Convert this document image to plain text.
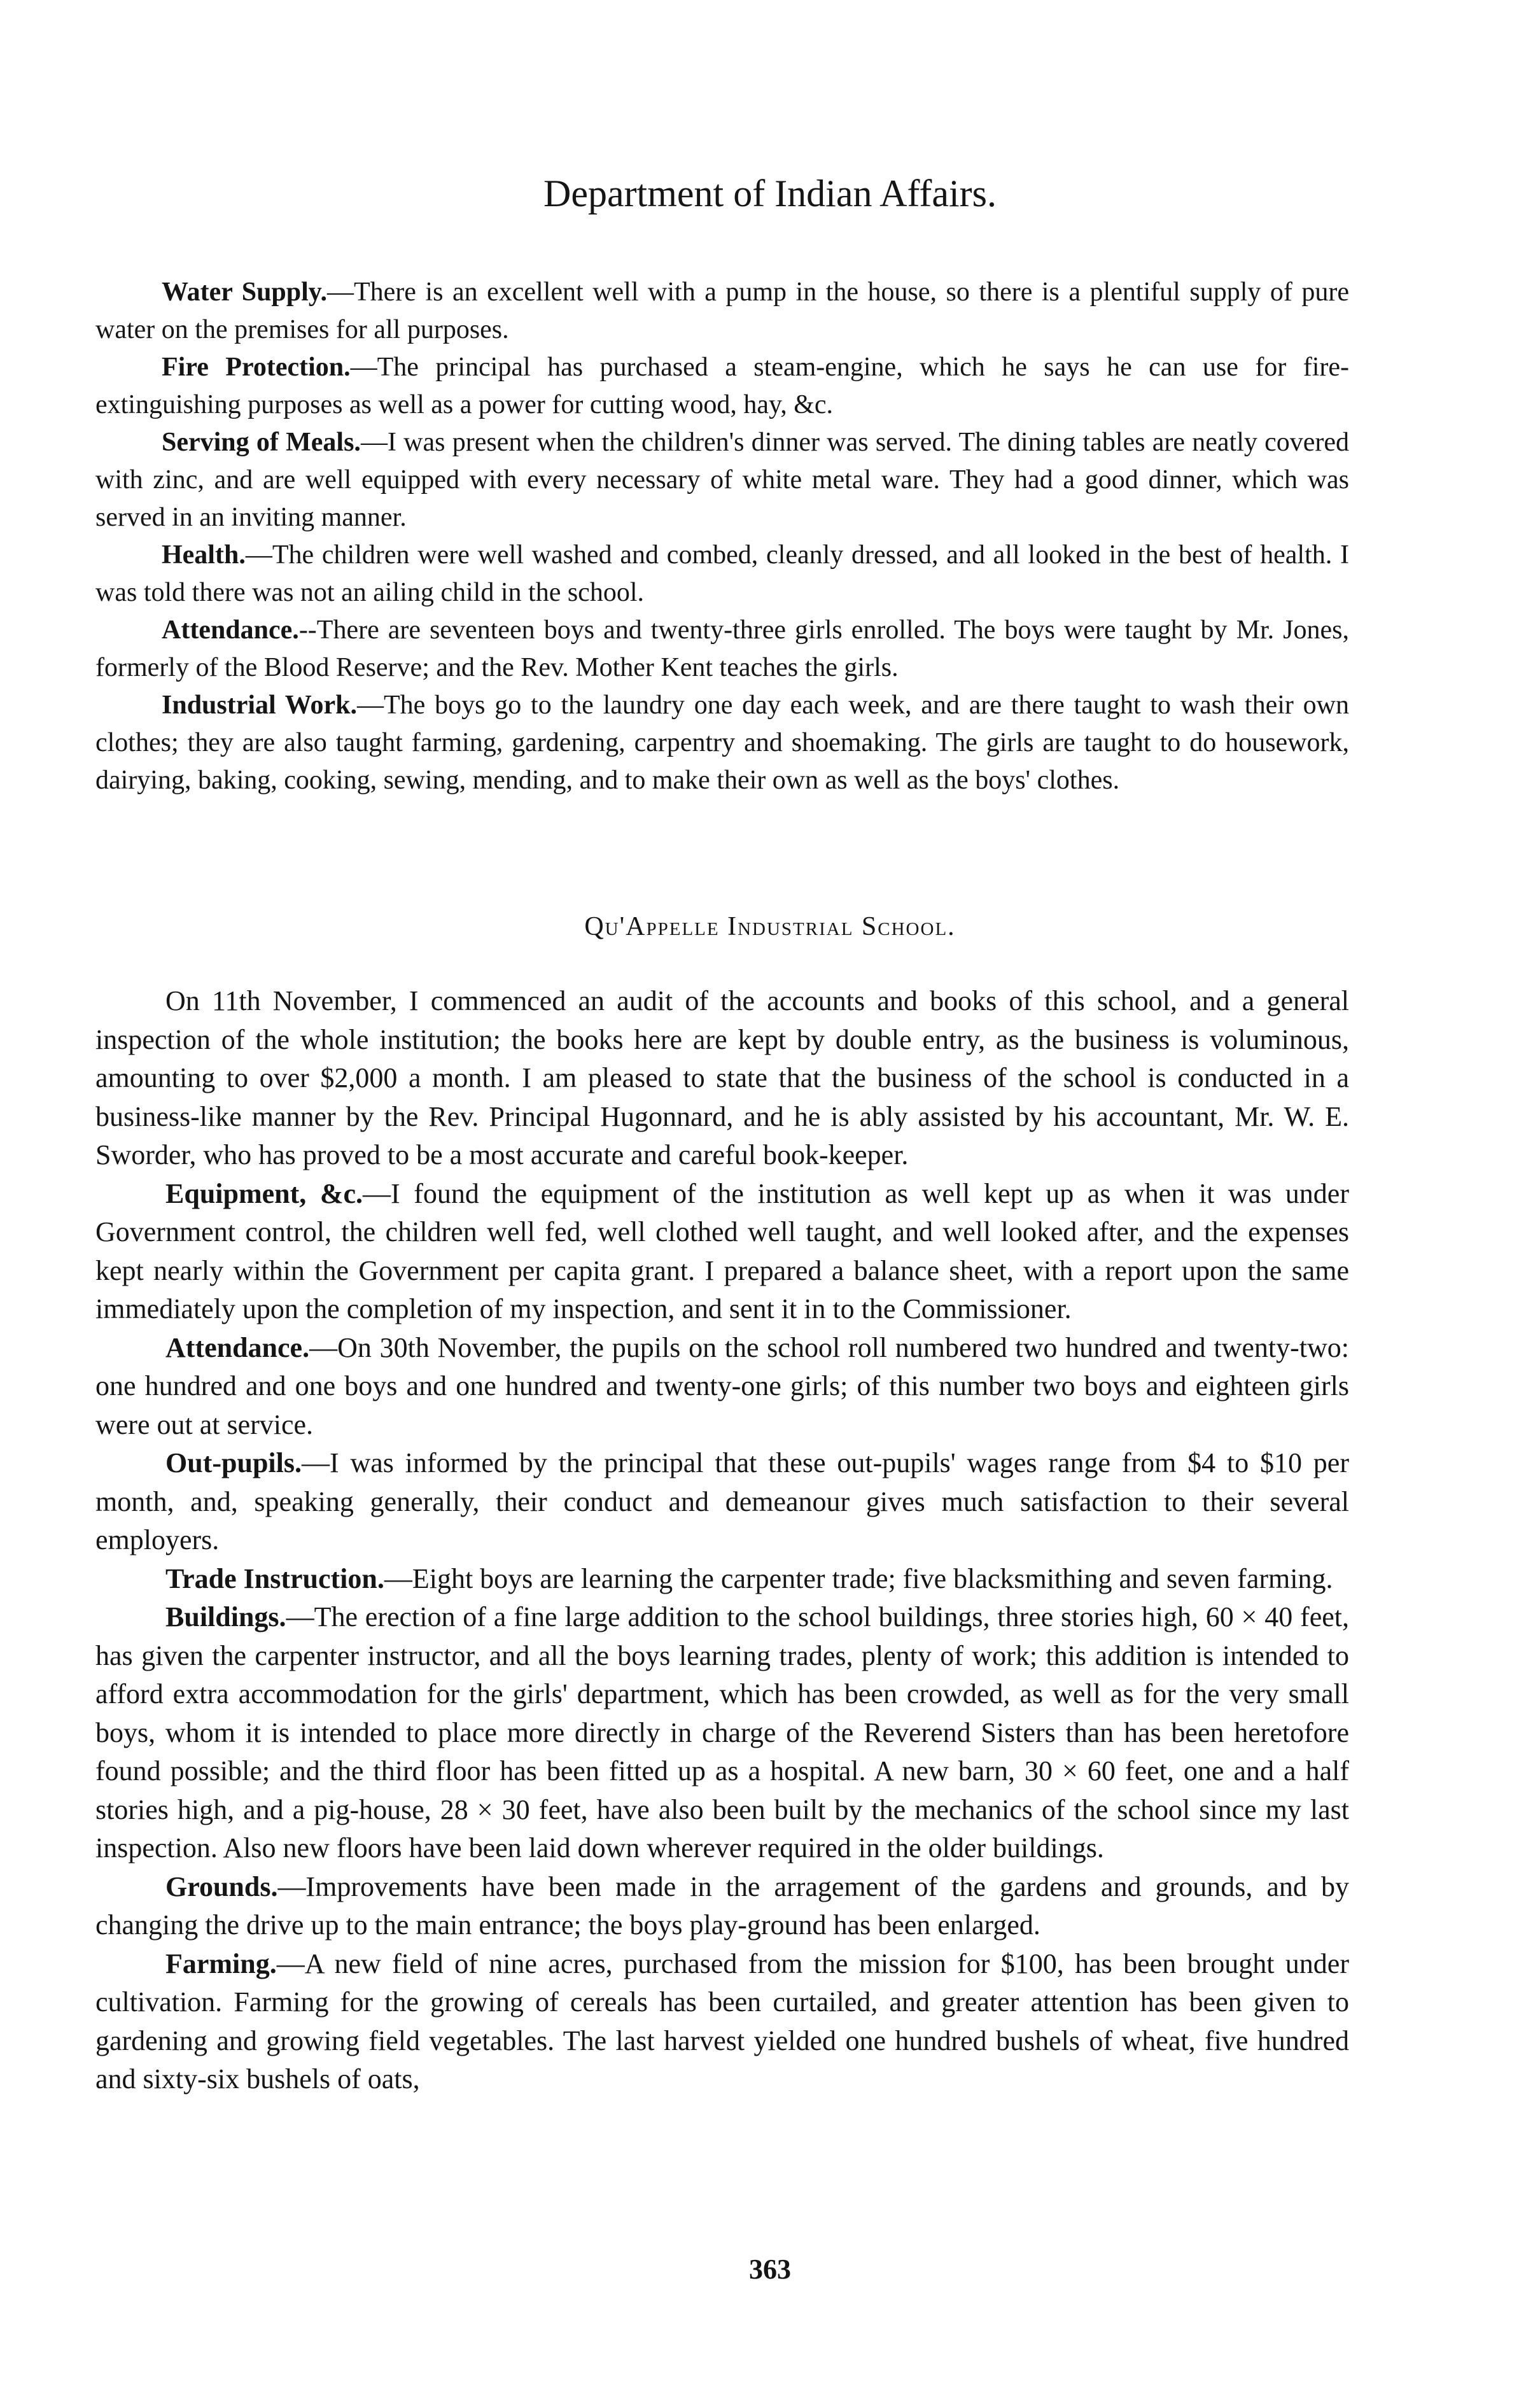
Department of Indian Affairs.

Water Supply.—There is an excellent well with a pump in the house, so there is a plentiful supply of pure water on the premises for all purposes.

Fire Protection.—The principal has purchased a steam-engine, which he says he can use for fire-extinguishing purposes as well as a power for cutting wood, hay, &c.

Serving of Meals.—I was present when the children's dinner was served. The dining tables are neatly covered with zinc, and are well equipped with every necessary of white metal ware. They had a good dinner, which was served in an inviting manner.

Health.—The children were well washed and combed, cleanly dressed, and all looked in the best of health. I was told there was not an ailing child in the school.

Attendance.--There are seventeen boys and twenty-three girls enrolled. The boys were taught by Mr. Jones, formerly of the Blood Reserve; and the Rev. Mother Kent teaches the girls.

Industrial Work.—The boys go to the laundry one day each week, and are there taught to wash their own clothes; they are also taught farming, gardening, carpentry and shoemaking. The girls are taught to do housework, dairying, baking, cooking, sewing, mending, and to make their own as well as the boys' clothes.

Qu'Appelle Industrial School.

On 11th November, I commenced an audit of the accounts and books of this school, and a general inspection of the whole institution; the books here are kept by double entry, as the business is voluminous, amounting to over $2,000 a month. I am pleased to state that the business of the school is conducted in a business-like manner by the Rev. Principal Hugonnard, and he is ably assisted by his accountant, Mr. W. E. Sworder, who has proved to be a most accurate and careful book-keeper.

Equipment, &c.—I found the equipment of the institution as well kept up as when it was under Government control, the children well fed, well clothed well taught, and well looked after, and the expenses kept nearly within the Government per capita grant. I prepared a balance sheet, with a report upon the same immediately upon the completion of my inspection, and sent it in to the Commissioner.

Attendance.—On 30th November, the pupils on the school roll numbered two hundred and twenty-two: one hundred and one boys and one hundred and twenty-one girls; of this number two boys and eighteen girls were out at service.

Out-pupils.—I was informed by the principal that these out-pupils' wages range from $4 to $10 per month, and, speaking generally, their conduct and demeanour gives much satisfaction to their several employers.

Trade Instruction.—Eight boys are learning the carpenter trade; five blacksmithing and seven farming.

Buildings.—The erection of a fine large addition to the school buildings, three stories high, 60 × 40 feet, has given the carpenter instructor, and all the boys learning trades, plenty of work; this addition is intended to afford extra accommodation for the girls' department, which has been crowded, as well as for the very small boys, whom it is intended to place more directly in charge of the Reverend Sisters than has been heretofore found possible; and the third floor has been fitted up as a hospital. A new barn, 30 × 60 feet, one and a half stories high, and a pig-house, 28 × 30 feet, have also been built by the mechanics of the school since my last inspection. Also new floors have been laid down wherever required in the older buildings.

Grounds.—Improvements have been made in the arragement of the gardens and grounds, and by changing the drive up to the main entrance; the boys play-ground has been enlarged.

Farming.—A new field of nine acres, purchased from the mission for $100, has been brought under cultivation. Farming for the growing of cereals has been curtailed, and greater attention has been given to gardening and growing field vegetables. The last harvest yielded one hundred bushels of wheat, five hundred and sixty-six bushels of oats,

363
